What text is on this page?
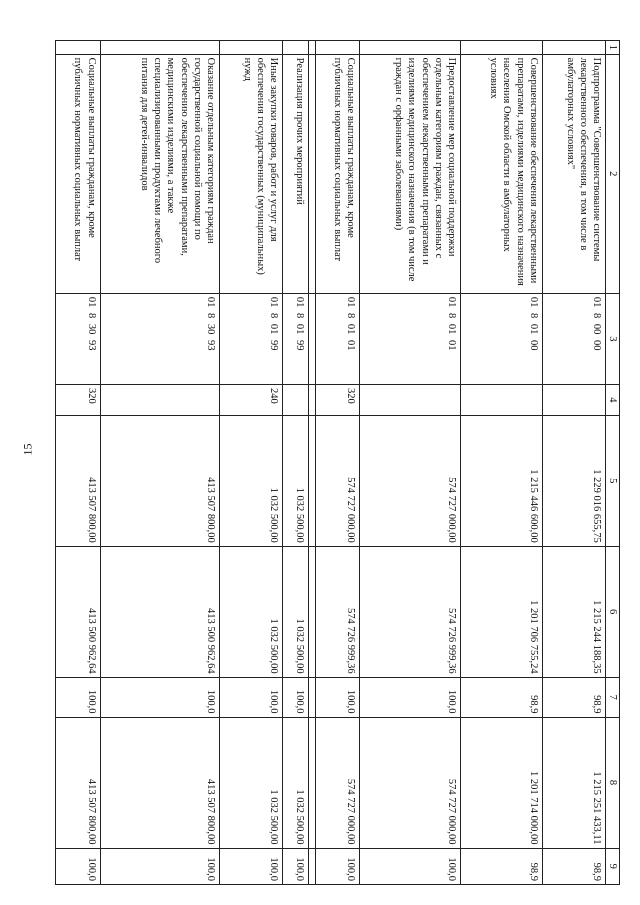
15
1	2	3	4	5	6	7	8	9
	Подпрограмма "Совершенствование системы лекарственного обеспечения, в том числе в амбулаторных условиях"	01 8 00 00		1 229 016 655,75	1 215 244 188,35	98,9	1 215 251 433,11	98,9
	Совершенствование обеспечения лекарственными препаратами, изделиями медицинского назначения населения Омской области в амбулаторных условиях	01 8 01 00		1 215 446 600,00	1 201 706 755,24	98,9	1 201 714 000,00	98,9
	Предоставление мер социальной поддержки отдельным категориям граждан, связанных с обеспечением лекарственными препаратами и изделиями медицинского назначения (в том числе граждан с орфанными заболеваниями)	01 8 01 01		574 727 000,00	574 726 999,36	100,0	574 727 000,00	100,0
	Социальные выплаты гражданам, кроме публичных нормативных социальных выплат	01 8 01 01	320	574 727 000,00	574 726 999,36	100,0	574 727 000,00	100,0

	Реализация прочих мероприятий	01 8 01 99		1 032 500,00	1 032 500,00	100,0	1 032 500,00	100,0
	Иные закупки товаров, работ и услуг для обеспечения государственных (муниципальных) нужд	01 8 01 99	240	1 032 500,00	1 032 500,00	100,0	1 032 500,00	100,0
	Оказание отдельным категориям граждан государственной социальной помощи по обеспечению лекарственными препаратами, медицинскими изделиями, а также специализированными продуктами лечебного питания для детей-инвалидов	01 8 30 93		413 507 800,00	413 500 962,64	100,0	413 507 800,00	100,0
	Социальные выплаты гражданам, кроме публичных нормативных социальных выплат	01 8 30 93	320	413 507 800,00	413 500 962,64	100,0	413 507 800,00	100,0
